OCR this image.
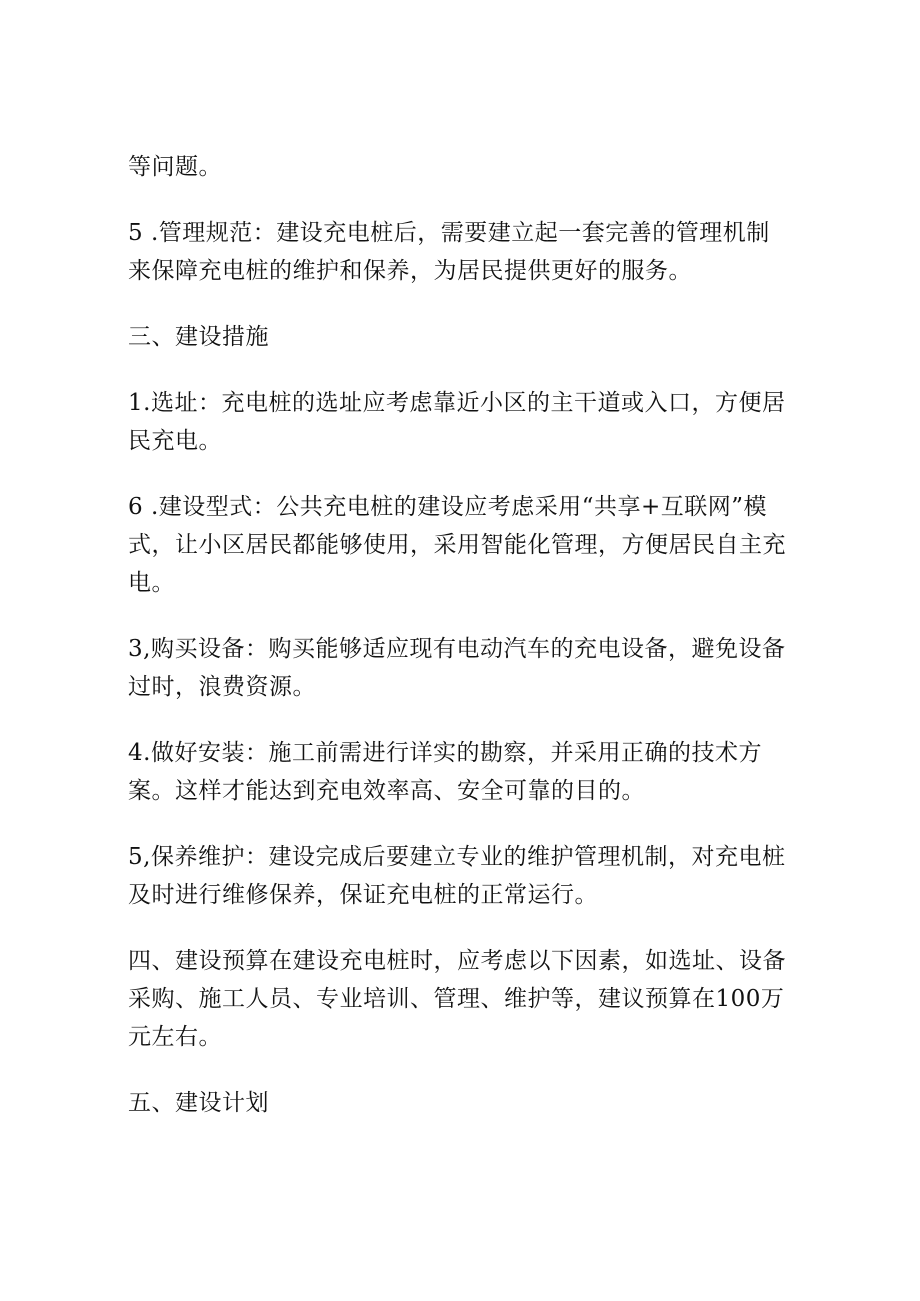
等问题。

5 .管理规范：建设充电桩后，需要建立起一套完善的管理机制来保障充电桩的维护和保养，为居民提供更好的服务。

三、建设措施

1.选址：充电桩的选址应考虑靠近小区的主干道或入口，方便居民充电。

6 .建设型式：公共充电桩的建设应考虑采用“共享+互联网”模式，让小区居民都能够使用，采用智能化管理，方便居民自主充电。

3,购买设备：购买能够适应现有电动汽车的充电设备，避免设备过时，浪费资源。

4.做好安装：施工前需进行详实的勘察，并采用正确的技术方案。这样才能达到充电效率高、安全可靠的目的。

5,保养维护：建设完成后要建立专业的维护管理机制，对充电桩及时进行维修保养，保证充电桩的正常运行。

四、建设预算在建设充电桩时，应考虑以下因素，如选址、设备采购、施工人员、专业培训、管理、维护等，建议预算在100万元左右。

五、建设计划
